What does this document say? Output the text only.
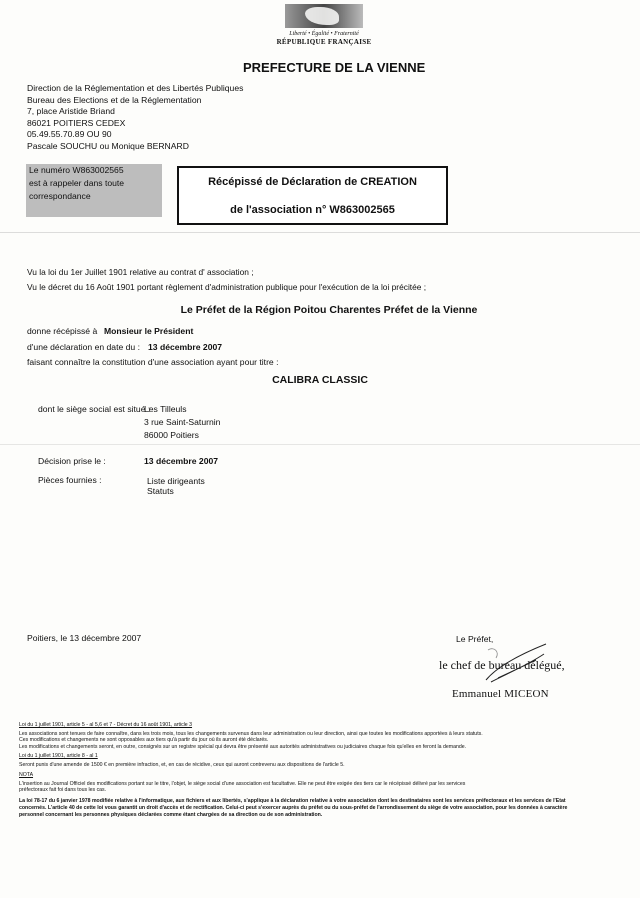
Liberté • Égalité • Fraternité
RÉPUBLIQUE FRANÇAISE
PREFECTURE DE LA VIENNE
Direction de la Réglementation et des Libertés Publiques
Bureau des Elections et de la Réglementation
7, place Aristide Briand
86021 POITIERS CEDEX
05.49.55.70.89 OU 90
Pascale SOUCHU ou Monique BERNARD
Le numéro W863002565
est à rappeler dans toute
correspondance
Récépissé de Déclaration de CREATION
de l'association n° W863002565
Vu la loi du 1er Juillet 1901 relative au contrat d' association ;
Vu le décret du 16 Août 1901 portant règlement d'administration publique pour l'exécution de la loi précitée ;
Le Préfet de la Région Poitou Charentes Préfet de la Vienne
donne récépissé à Monsieur le Président
d'une déclaration en date du : 13 décembre 2007
faisant connaître la constitution d'une association ayant pour titre :
CALIBRA CLASSIC
dont le siège social est situé :
Les Tilleuls
3 rue Saint-Saturnin
86000 Poitiers
Décision prise le :	13 décembre 2007
Pièces fournies :	Liste dirigeants
Statuts
Poitiers, le 13 décembre 2007	Le Préfet,
le chef de bureau délégué,
Emmanuel MICEON
Loi du 1 juillet 1901, article 5 - al 5,6 et 7 - Décret du 16 août 1901, article 3
Les associations sont tenues de faire connaître, dans les trois mois, tous les changements survenus dans leur administration ou leur direction, ainsi que toutes les modifications apportées à leurs statuts.
Ces modifications et changements ne sont opposables aux tiers qu'à partir du jour où ils auront été déclarés.
Les modifications et changements seront, en outre, consignés sur un registre spécial qui devra être présenté aux autorités administratives ou judiciaires chaque fois qu'elles en feront la demande.
Loi du 1 juillet 1901, article 8 - al 1
Seront punis d'une amende de 1500 € en première infraction, et, en cas de récidive, ceux qui auront contrevenu aux dispositions de l'article 5.
NOTA
L'insertion au Journal Officiel des modifications portant sur le titre, l'objet, le siège social d'une association est facultative. Elle ne peut être exigée des tiers car le récépissé délivré par les services
préfectoraux fait foi dans tous les cas.
La loi 78-17 du 6 janvier 1978 modifiée relative à l'informatique, aux fichiers et aux libertés, s'applique à la déclaration relative à votre association dont les destinataires sont les services préfectoraux et les services de l'Etat
concernés. L'article 40 de cette loi vous garantit un droit d'accès et de rectification. Celui-ci peut s'exercer auprès du préfet ou du sous-préfet de l'arrondissement du siège de votre association, pour les données à caractère
personnel concernant les personnes physiques déclarées comme étant chargées de sa direction ou de son administration.
